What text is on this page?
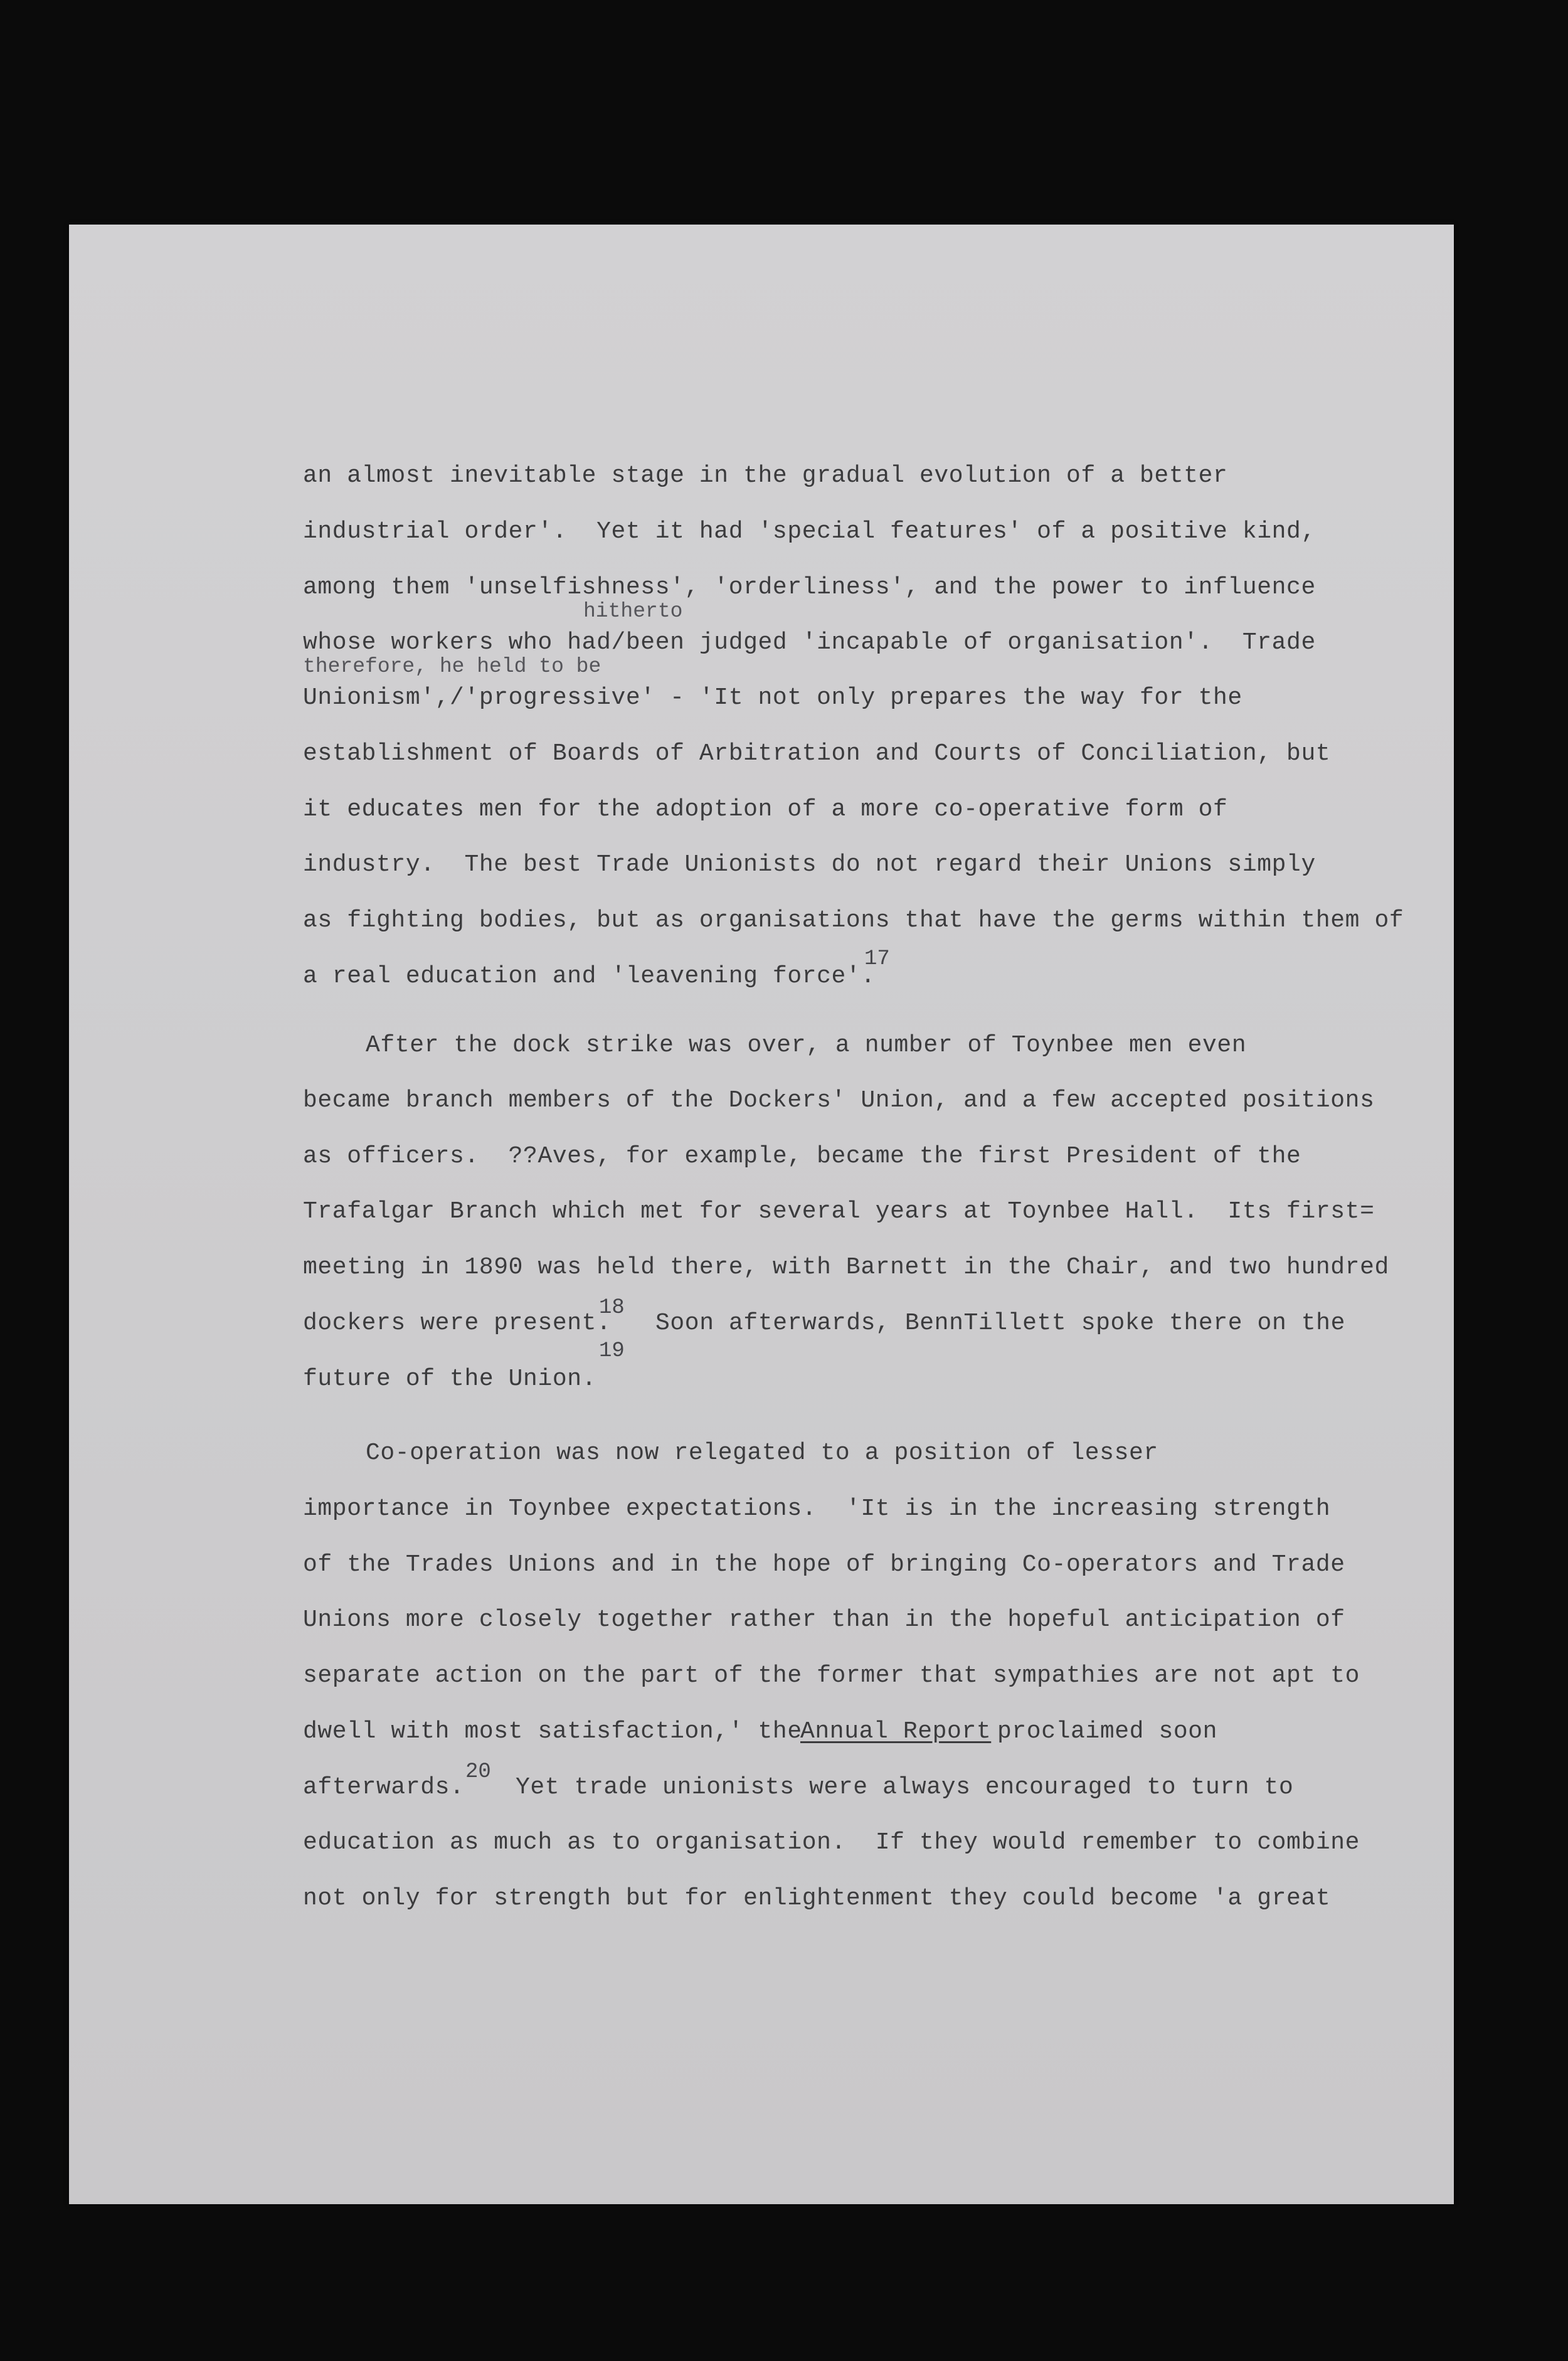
an almost inevitable stage in the gradual evolution of a better
industrial order'.  Yet it had 'special features' of a positive kind,
among them 'unselfishness', 'orderliness', and the power to influence
hitherto
whose workers who had/been judged 'incapable of organisation'.  Trade
therefore, he held to be
Unionism',/'progressive' - 'It not only prepares the way for the
establishment of Boards of Arbitration and Courts of Conciliation, but
it educates men for the adoption of a more co-operative form of
industry.  The best Trade Unionists do not regard their Unions simply
as fighting bodies, but as organisations that have the germs within them of
a real education and 'leavening force'.
17
After the dock strike was over, a number of Toynbee men even
became branch members of the Dockers' Union, and a few accepted positions
as officers.  ??Aves, for example, became the first President of the
Trafalgar Branch which met for several years at Toynbee Hall.  Its first=
meeting in 1890 was held there, with Barnett in the Chair, and two hundred
dockers were present.
18
Soon afterwards, BennTillett spoke there on the
19
future of the Union.
Co-operation was now relegated to a position of lesser
importance in Toynbee expectations.  'It is in the increasing strength
of the Trades Unions and in the hope of bringing Co-operators and Trade
Unions more closely together rather than in the hopeful anticipation of
separate action on the part of the former that sympathies are not apt to
dwell with most satisfaction,' the
Annual Report proclaimed soon
afterwards.
20
Yet trade unionists were always encouraged to turn to
education as much as to organisation.  If they would remember to combine
not only for strength but for enlightenment they could become 'a great
